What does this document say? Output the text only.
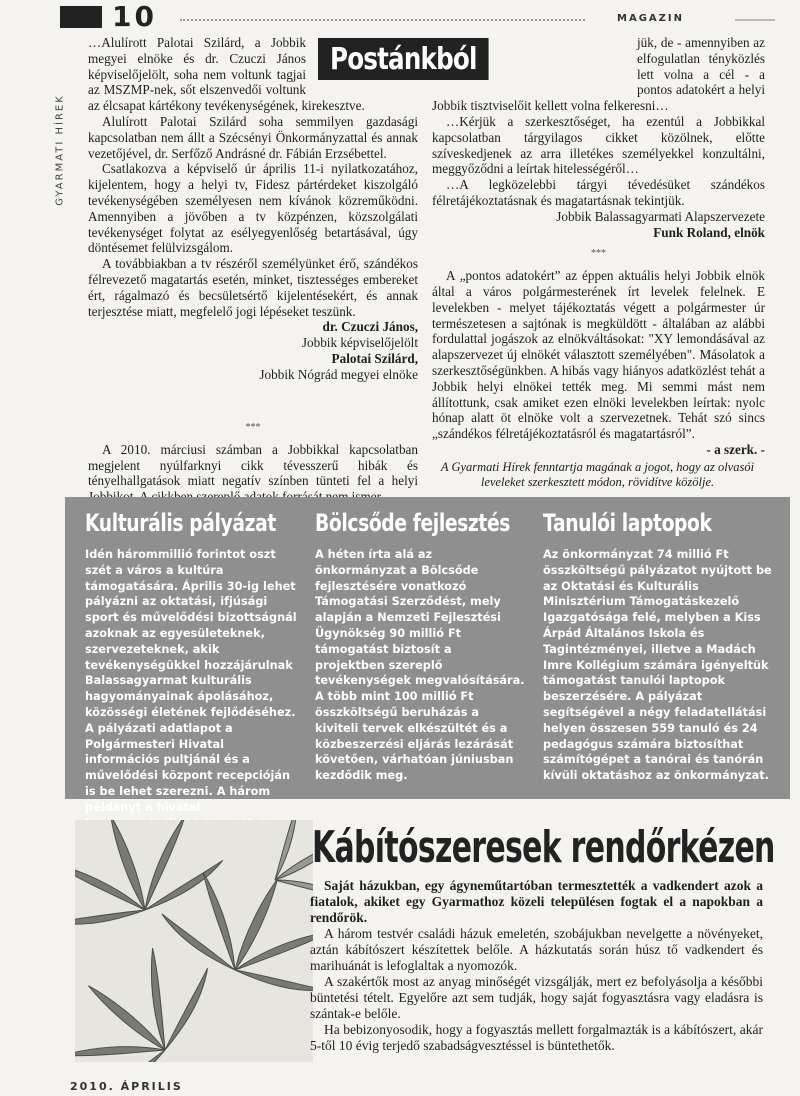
10	MAGAZIN
GYARMATI HÍREK
Postánkból

…Alulírott Palotai Szilárd, a Jobbik megyei elnöke és dr. Czuczi János képviselőjelölt, soha nem voltunk tagjai az MSZMP-nek, sőt elszenvedői voltunk az élcsapat kártékony tevékenységének, kirekesztve.

Alulírott Palotai Szilárd soha semmilyen gazdasági kapcsolatban nem állt a Szécsényi Önkormányzattal és annak vezetőjével, dr. Serfőző Andrásné dr. Fábián Erzsébettel.

Csatlakozva a képviselő úr április 11-i nyilatkozatához, kijelentem, hogy a helyi tv, Fidesz pártérdeket kiszolgáló tevékenységében személyesen nem kívánok közreműködni. Amennyiben a jövőben a tv közpénzen, közszolgálati tevékenységet folytat az esélyegyenlőség betartásával, úgy döntésemet felülvizsgálom.

A továbbiakban a tv részéről személyünket érő, szándékos félrevezető magatartás esetén, minket, tisztességes embereket ért, rágalmazó és becsületsértő kijelentésekért, és annak terjesztése miatt, megfelelő jogi lépéseket teszünk.

dr. Czuczi János,

Jobbik képviselőjelölt

Palotai Szilárd,

Jobbik Nógrád megyei elnöke

***

A 2010. márciusi számban a Jobbikkal kapcsolatban megjelent nyúlfarknyi cikk tévesszerű hibák és tényelhallgatások miatt negatív színben tünteti fel a helyi

jük, de - amennyiben az elfogulatlan tényközlés lett volna a cél - a pontos adatokért a helyi Jobbik tisztviselőit kellett volna felkeresni…

…Kérjük a szerkesztőséget, ha ezentúl a Jobbikkal kapcsolatban tárgyilagos cikket közölnek, előtte szíveskedjenek az arra illetékes személyekkel konzultálni, meggyőződni a leírtak hitelességéről…

…A legközelebbi tárgyi tévedésüket szándékos félretájékoztatásnak és magatartásnak tekintjük.

Jobbik Balassagyarmati Alapszervezete

Funk Roland, elnök

***

A „pontos adatokért” az éppen aktuális helyi Jobbik elnök által a város polgármesterének írt levelek felelnek. E levelekben - melyet tájékoztatás végett a polgármester úr természetesen a sajtónak is megküldött - általában az alábbi fordulattal jogászok az elnökváltásokat: "XY lemondásával az alapszervezet új elnökét választott személyében". Másolatok a szerkesztőségünkben. A hibás vagy hiányos adatközlést tehát a Jobbik helyi elnökei tették meg. Mi semmi mást nem állítottunk, csak amiket ezen elnöki levelekben leírtak: nyolc hónap alatt öt elnöke volt a szervezetnek. Tehát szó sincs „szándékos félretájékoztatásról és magatartásról”.

- a szerk. -

A Gyarmati Hírek fenntartja magának a jogot, hogy az olvasói leveleket szerkesztett módon, rövidítve közölje.
Kulturális pályázat

Idén hárommillió forintot oszt szét a város a kultúra támogatására. Április 30-ig lehet pályázni az oktatási, ifjúsági sport és művelődési bizottságnál azoknak az egyesületeknek, szervezeteknek, akik tevékenységükkel hozzájárulnak Balassagyarmat kulturális hagyományainak ápolásához, közösségi életének fejlődéséhez. A pályázati adatlapot a Polgármesteri Hivatal információs pultjánál és a művelődési központ recepcióján is be lehet szerezni. A három példányt a hivatal

Bölcsőde fejlesztés

A héten írta alá az önkormányzat a Bölcsőde fejlesztésére vonatkozó Támogatási Szerződést, mely alapján a Nemzeti Fejlesztési Ügynökség 90 millió Ft támogatást biztosít a projektben szereplő tevékenységek megvalósítására. A több mint 100 millió Ft összköltségű beruházás a kiviteli tervek elkészültét és a közbeszerzési eljárás lezárását követően, várhatóan júniusban kezdődik meg.

Tanulói laptopok

Az önkormányzat 74 millió Ft összköltségű pályázatot nyújtott be az Oktatási és Kulturális Minisztérium Támogatáskezelő Igazgatósága felé, melyben a Kiss Árpád Általános Iskola és Tagintézményei, illetve a Madách Imre Kollégium számára igényeltük támogatást tanulói laptopok beszerzésére. A pályázat segítségével a négy feladatellátási helyen összesen 559 tanuló és 24 pedagógus számára biztosíthat számítógépet a tanórai és tanórán kívüli oktatáshoz az önkormányzat.

Kábítószeresek rendőrkézen

Saját házukban, egy ágyneműtartóban termesztették a vadkendert azok a fiatalok, akiket egy Gyarmathoz közeli településen fogtak el a napokban a rendőrök.

A három testvér családi házuk emeletén, szobájukban nevelgette a növényeket, aztán kábítószert készítettek belőle. A házkutatás során húsz tő vadkendert és marihuánát is lefoglaltak a nyomozók.

A szakértők most az anyag minőségét vizsgálják, mert ez befolyásolja a későbbi büntetési tételt. Egyelőre azt sem tudják, hogy saját fogyasztásra vagy eladásra is szántak-e belőle.

Ha bebizonyosodik, hogy a fogyasztás mellett forgalmazták is a kábítószert, akár 5-től 10 évig terjedő szabadságvesztéssel is büntethetők.

2010. ÁPRILIS
